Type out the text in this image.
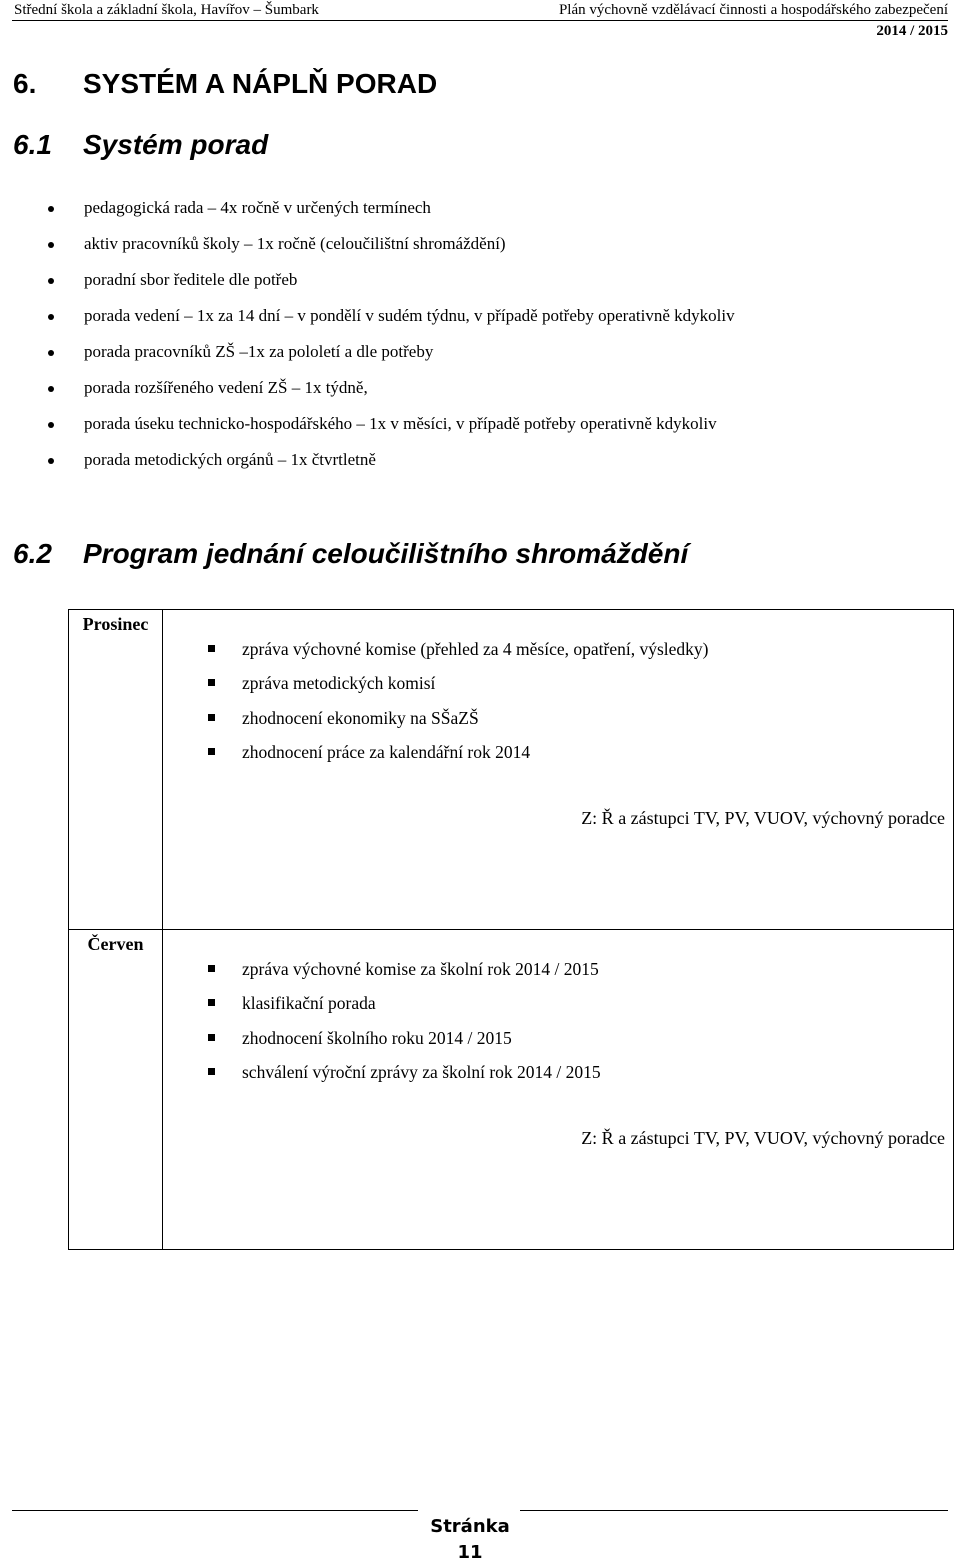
Střední škola a základní škola, Havířov – Šumbark	Plán výchovně vzdělávací činnosti a hospodářského zabezpečení
2014 / 2015
6.	SYSTÉM A NÁPLŇ PORAD
6.1	Systém porad
pedagogická rada – 4x ročně v určených termínech
aktiv pracovníků školy – 1x ročně (celoučilištní shromáždění)
poradní sbor ředitele dle potřeb
porada vedení – 1x za 14 dní – v pondělí v sudém týdnu, v případě potřeby operativně kdykoliv
porada pracovníků ZŠ –1x za pololetí a dle potřeby
porada rozšířeného vedení ZŠ – 1x týdně,
porada úseku technicko-hospodářského – 1x v měsíci, v případě potřeby operativně kdykoliv
porada metodických orgánů – 1x čtvrtletně
6.2	Program jednání celoučilištního shromáždění
Prosinec
zpráva výchovné komise (přehled za 4 měsíce, opatření, výsledky)
zpráva metodických komisí
zhodnocení ekonomiky na SŠaZŠ
zhodnocení práce za kalendářní rok 2014
Z: Ř a zástupci TV, PV, VUOV, výchovný poradce
Červen
zpráva výchovné komise za školní rok 2014 / 2015
klasifikační porada
zhodnocení školního roku 2014 / 2015
schválení výroční zprávy za školní rok 2014 / 2015
Z: Ř a zástupci TV, PV, VUOV, výchovný poradce
Stránka
11
